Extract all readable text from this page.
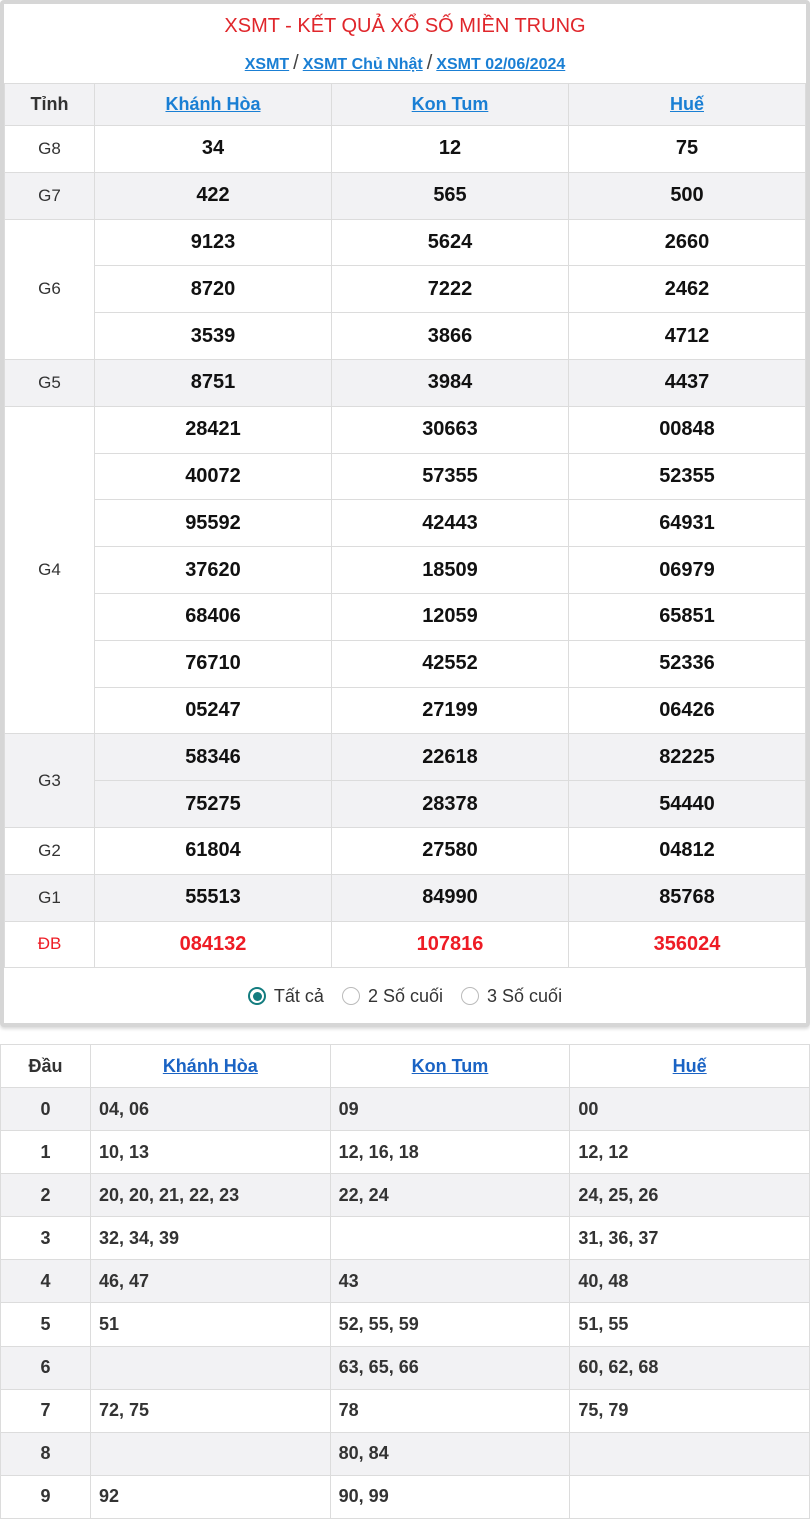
XSMT - KẾT QUẢ XỔ SỐ MIỀN TRUNG
XSMT / XSMT Chủ Nhật / XSMT 02/06/2024
Tỉnh	Khánh Hòa	Kon Tum	Huế
G8	34	12	75
G7	422	565	500
G6	9123	5624	2660
	8720	7222	2462
	3539	3866	4712
G5	8751	3984	4437
G4	28421	30663	00848
	40072	57355	52355
	95592	42443	64931
	37620	18509	06979
	68406	12059	65851
	76710	42552	52336
	05247	27199	06426
G3	58346	22618	82225
	75275	28378	54440
G2	61804	27580	04812
G1	55513	84990	85768
ĐB	084132	107816	356024
Tất cả 2 Số cuối 3 Số cuối
Đầu	Khánh Hòa	Kon Tum	Huế
0	04, 06	09	00
1	10, 13	12, 16, 18	12, 12
2	20, 20, 21, 22, 23	22, 24	24, 25, 26
3	32, 34, 39		31, 36, 37
4	46, 47	43	40, 48
5	51	52, 55, 59	51, 55
6		63, 65, 66	60, 62, 68
7	72, 75	78	75, 79
8		80, 84	
9	92	90, 99	
